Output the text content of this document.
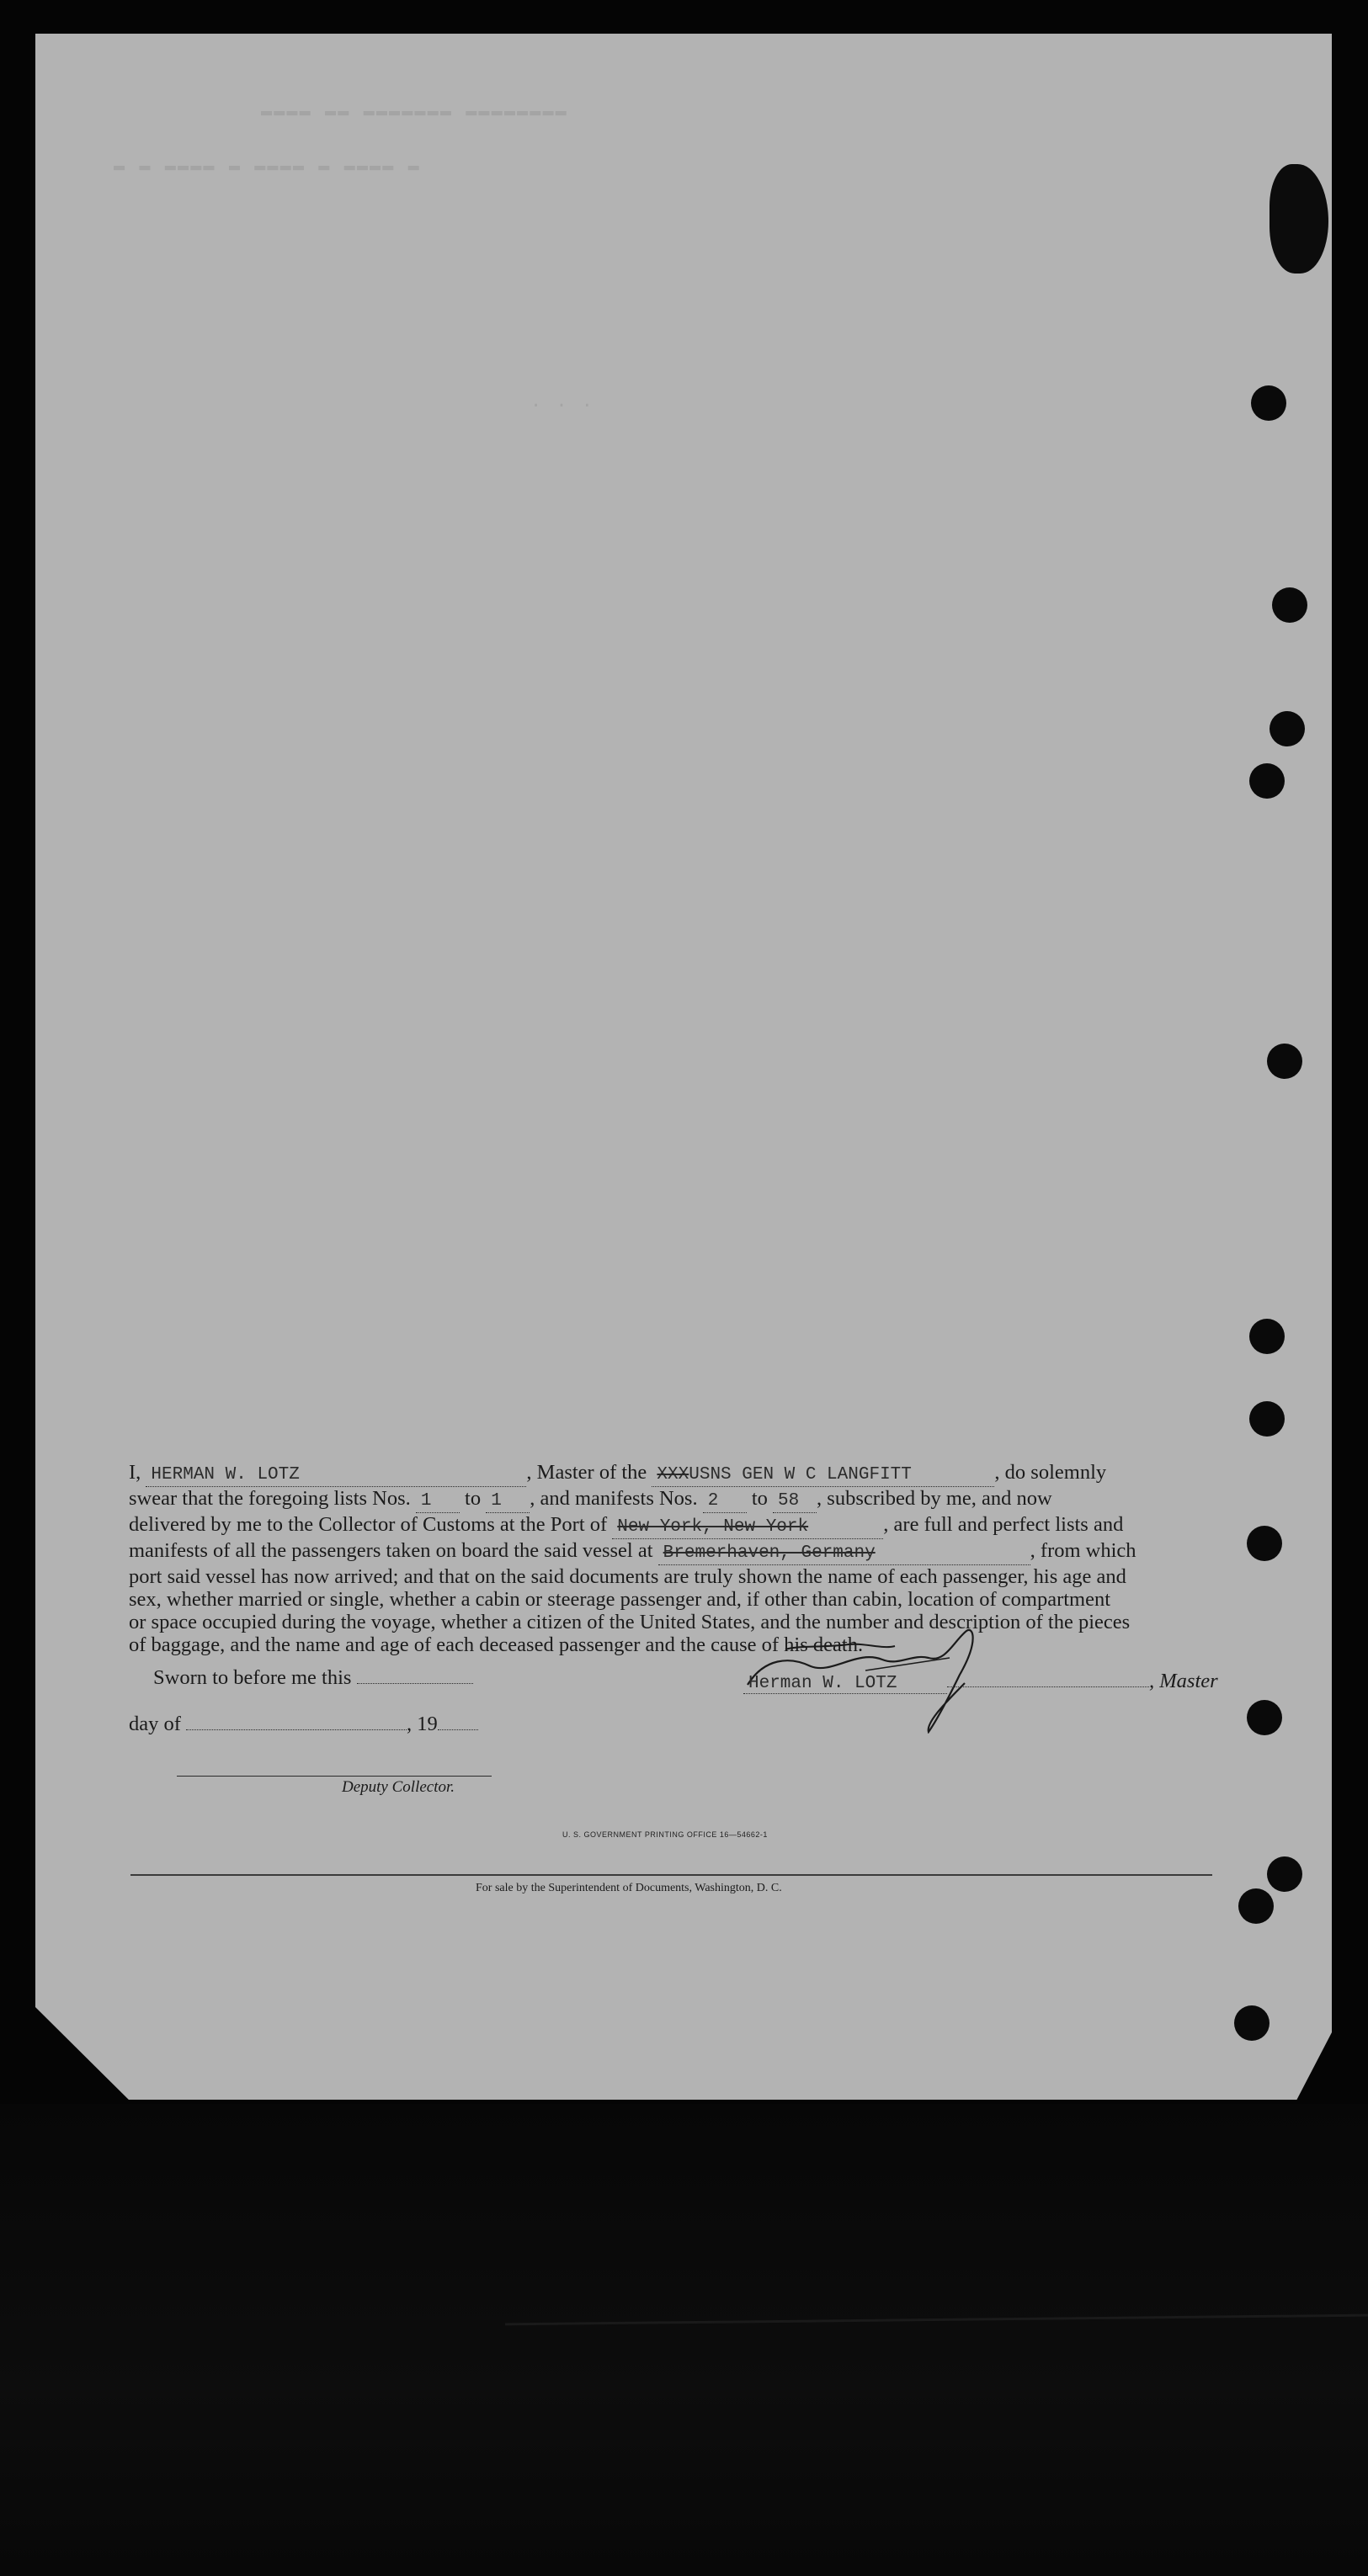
▬▬▬▬ ▬▬ ▬▬▬▬▬▬▬ ▬▬▬▬▬▬▬▬
▬ ▬ ▬▬▬▬ ▬ ▬▬▬▬ ▬ ▬▬▬▬ ▬
. . .
I, HERMAN W. LOTZ	, Master of the XXXUSNS GEN W C LANGFITT	, do solemnly
swear that the foregoing lists Nos. 1 to 1 , and manifests Nos. 2 to 58 , subscribed by me, and now
delivered by me to the Collector of Customs at the Port of New York, New York	, are full and perfect lists and
manifests of all the passengers taken on board the said vessel at Bremerhaven, Germany	, from which
port said vessel has now arrived; and that on the said documents are truly shown the name of each passenger, his age and
sex, whether married or single, whether a cabin or steerage passenger and, if other than cabin, location of compartment
or space occupied during the voyage, whether a citizen of the United States, and the number and description of the pieces
of baggage, and the name and age of each deceased passenger and the cause of his death.
Sworn to before me this	Herman W. LOTZ	, Master
day of	, 19
Deputy Collector.
U. S. GOVERNMENT PRINTING OFFICE 16—54662-1
For sale by the Superintendent of Documents, Washington, D. C.
